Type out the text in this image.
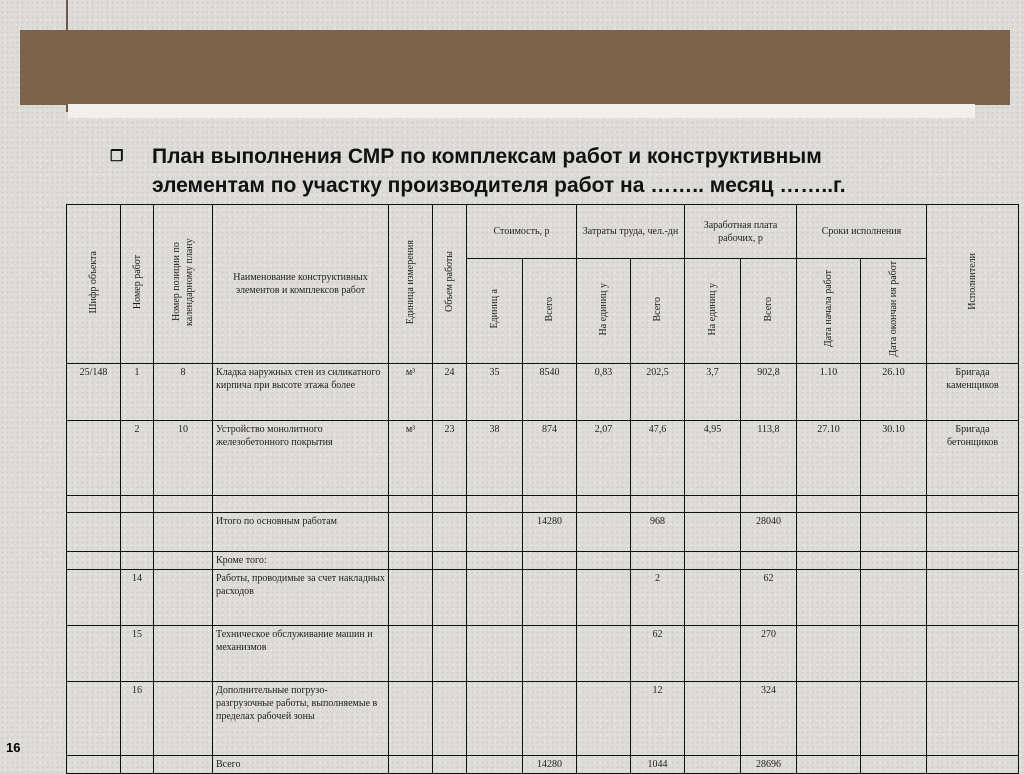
❒	План выполнения СМР по комплексам работ и конструктивным
элементам по участку производителя работ на …….. месяц ……..г.
Шифр объекта	Номер работ	Номер позиции по календарному плану	Наименование конструктивных элементов и комплексов работ	Единица измерения	Объем работы	Стоимость, р		Затраты труда, чел.-дн		Заработная плата рабочих, р		Сроки исполнения		Исполнители
						Единиц а	Всего	На единиц у	Всего	На единиц у	Всего	Дата начала работ	Дата окончан ия работ	
25/148	1	8	Кладка наружных стен из силикатного кирпича при высоте этажа более	м³	24	35	8540	0,83	202,5	3,7	902,8	1.10	26.10	Бригада каменщиков
	2	10	Устройство монолитного железобетонного покрытия	м³	23	38	874	2,07	47,6	4,95	113,8	27.10	30.10	Бригада бетонщиков

			Итого по основным работам				14280		968		28040			
			Кроме того:											
	14		Работы, проводимые за счет накладных расходов						2		62			
	15		Техническое обслуживание машин и механизмов						62		270			
	16		Дополнительные погрузо-разгрузочные работы, выполняемые в пределах рабочей зоны						12		324			
			Всего				14280		1044		28696			
16
